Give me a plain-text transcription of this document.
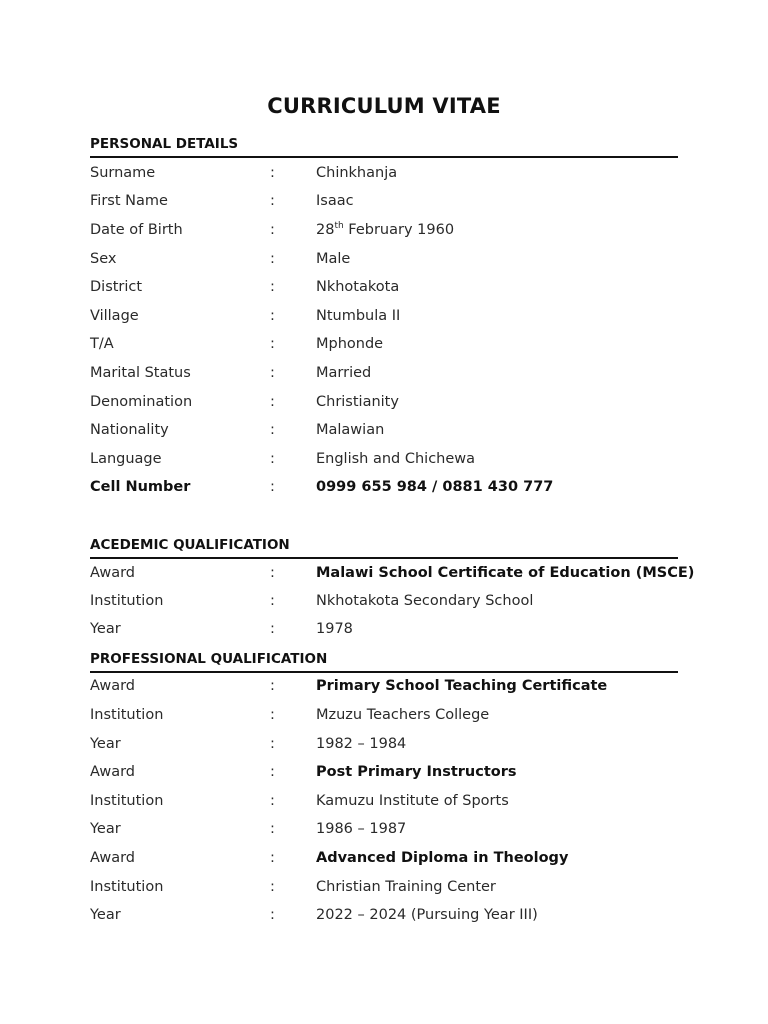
CURRICULUM VITAE
PERSONAL DETAILS
Surname	:	Chinkhanja
First Name	:	Isaac
Date of Birth	:	28th February 1960
Sex	:	Male
District	:	Nkhotakota
Village	:	Ntumbula II
T/A	:	Mphonde
Marital Status	:	Married
Denomination	:	Christianity
Nationality	:	Malawian
Language	:	English and Chichewa
Cell Number	:	0999 655 984 / 0881 430 777
ACEDEMIC QUALIFICATION
Award	:	Malawi School Certificate of Education (MSCE)
Institution	:	Nkhotakota Secondary School
Year	:	1978
PROFESSIONAL QUALIFICATION
Award	:	Primary School Teaching Certificate
Institution	:	Mzuzu Teachers College
Year	:	1982 – 1984
Award	:	Post Primary Instructors
Institution	:	Kamuzu Institute of Sports
Year	:	1986 – 1987
Award	:	Advanced Diploma in Theology
Institution	:	Christian Training Center
Year	:	2022 – 2024 (Pursuing Year III)
